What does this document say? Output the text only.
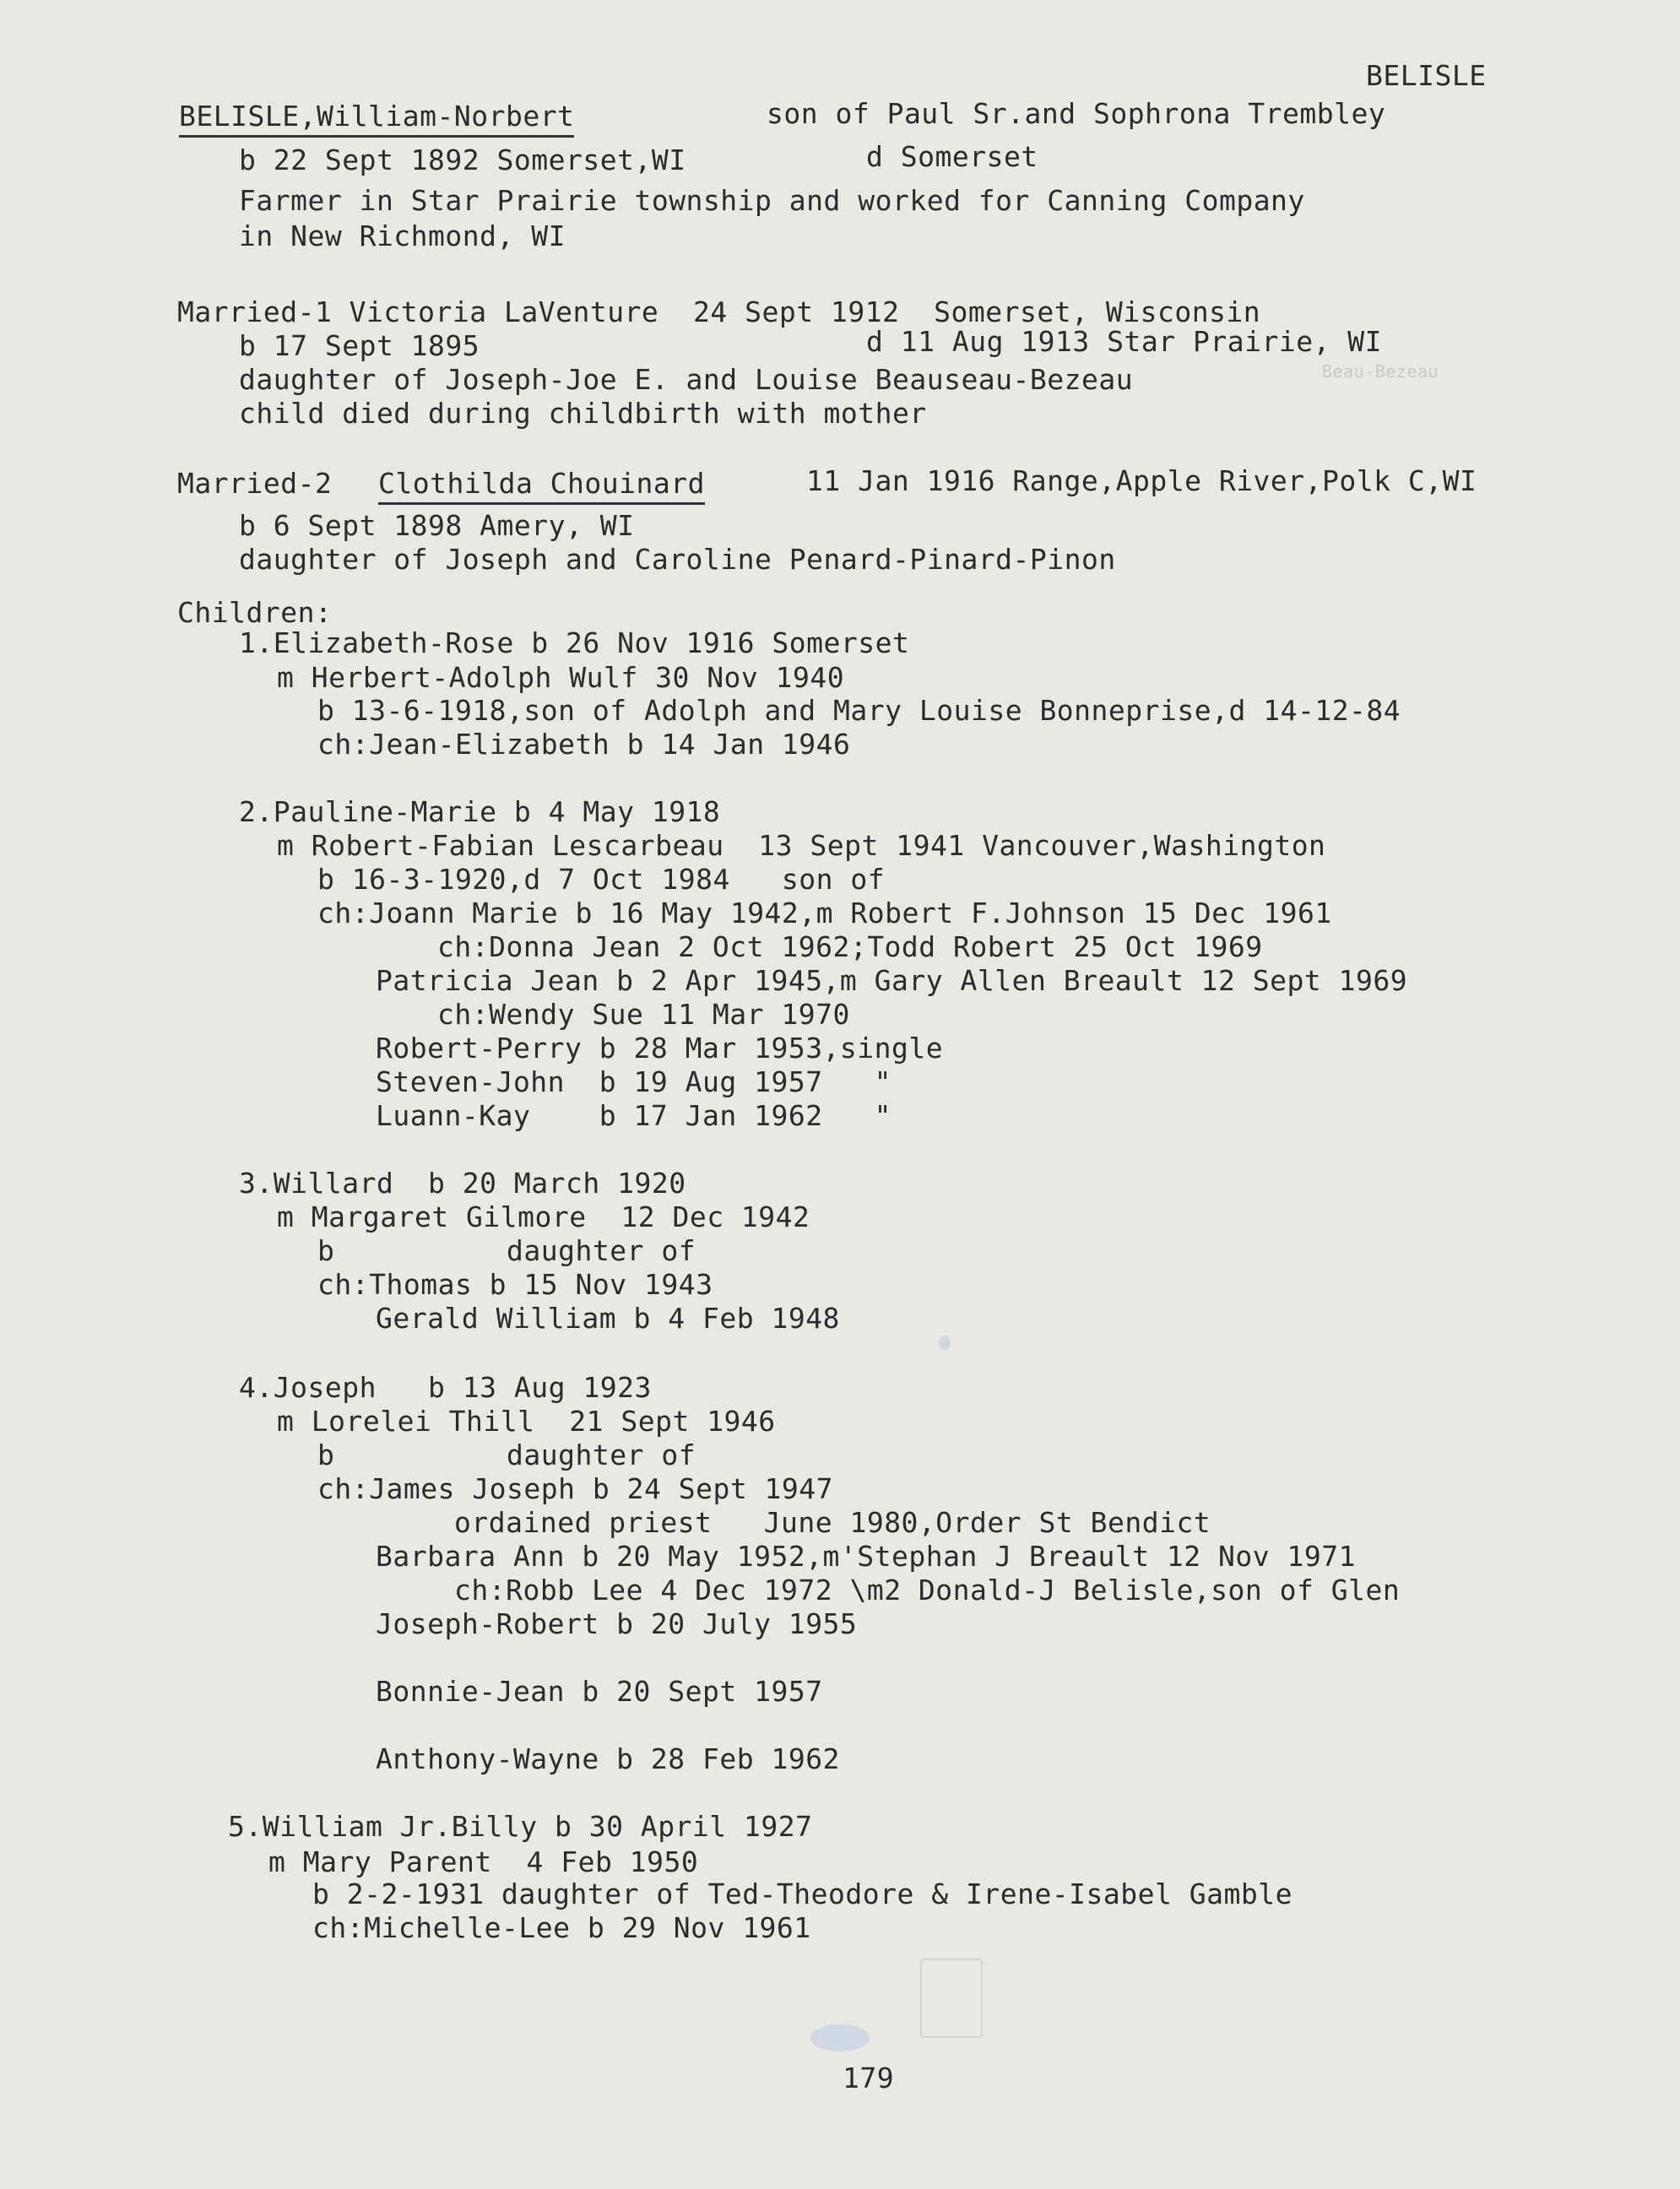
BELISLE
BELISLE,William-Norbert	son of Paul Sr.and Sophrona Trembley
b 22 Sept 1892 Somerset,WI	d Somerset
Farmer in Star Prairie township and worked for Canning Company
in New Richmond, WI
Married-1 Victoria LaVenture  24 Sept 1912  Somerset, Wisconsin
b 17 Sept 1895	d 11 Aug 1913 Star Prairie, WI
daughter of Joseph-Joe E. and Louise Beauseau-Bezeau	Beau-Bezeau
child died during childbirth with mother
Married-2 Clothilda Chouinard	11 Jan 1916 Range,Apple River,Polk C,WI
b 6 Sept 1898 Amery, WI
daughter of Joseph and Caroline Penard-Pinard-Pinon
Children:
1.Elizabeth-Rose b 26 Nov 1916 Somerset
m Herbert-Adolph Wulf 30 Nov 1940
b 13-6-1918,son of Adolph and Mary Louise Bonneprise,d 14-12-84
ch:Jean-Elizabeth b 14 Jan 1946
2.Pauline-Marie b 4 May 1918
m Robert-Fabian Lescarbeau  13 Sept 1941 Vancouver,Washington
b 16-3-1920,d 7 Oct 1984   son of
ch:Joann Marie b 16 May 1942,m Robert F.Johnson 15 Dec 1961
ch:Donna Jean 2 Oct 1962;Todd Robert 25 Oct 1969
Patricia Jean b 2 Apr 1945,m Gary Allen Breault 12 Sept 1969
ch:Wendy Sue 11 Mar 1970
Robert-Perry b 28 Mar 1953,single
Steven-John  b 19 Aug 1957   "
Luann-Kay    b 17 Jan 1962   "
3.Willard  b 20 March 1920
m Margaret Gilmore  12 Dec 1942
b          daughter of
ch:Thomas b 15 Nov 1943
Gerald William b 4 Feb 1948
4.Joseph   b 13 Aug 1923
m Lorelei Thill  21 Sept 1946
b          daughter of
ch:James Joseph b 24 Sept 1947
ordained priest   June 1980,Order St Bendict
Barbara Ann b 20 May 1952,m'Stephan J Breault 12 Nov 1971
ch:Robb Lee 4 Dec 1972 \m2 Donald-J Belisle,son of Glen
Joseph-Robert b 20 July 1955
Bonnie-Jean b 20 Sept 1957
Anthony-Wayne b 28 Feb 1962
5.William Jr.Billy b 30 April 1927
m Mary Parent  4 Feb 1950
b 2-2-1931 daughter of Ted-Theodore & Irene-Isabel Gamble
ch:Michelle-Lee b 29 Nov 1961
179
